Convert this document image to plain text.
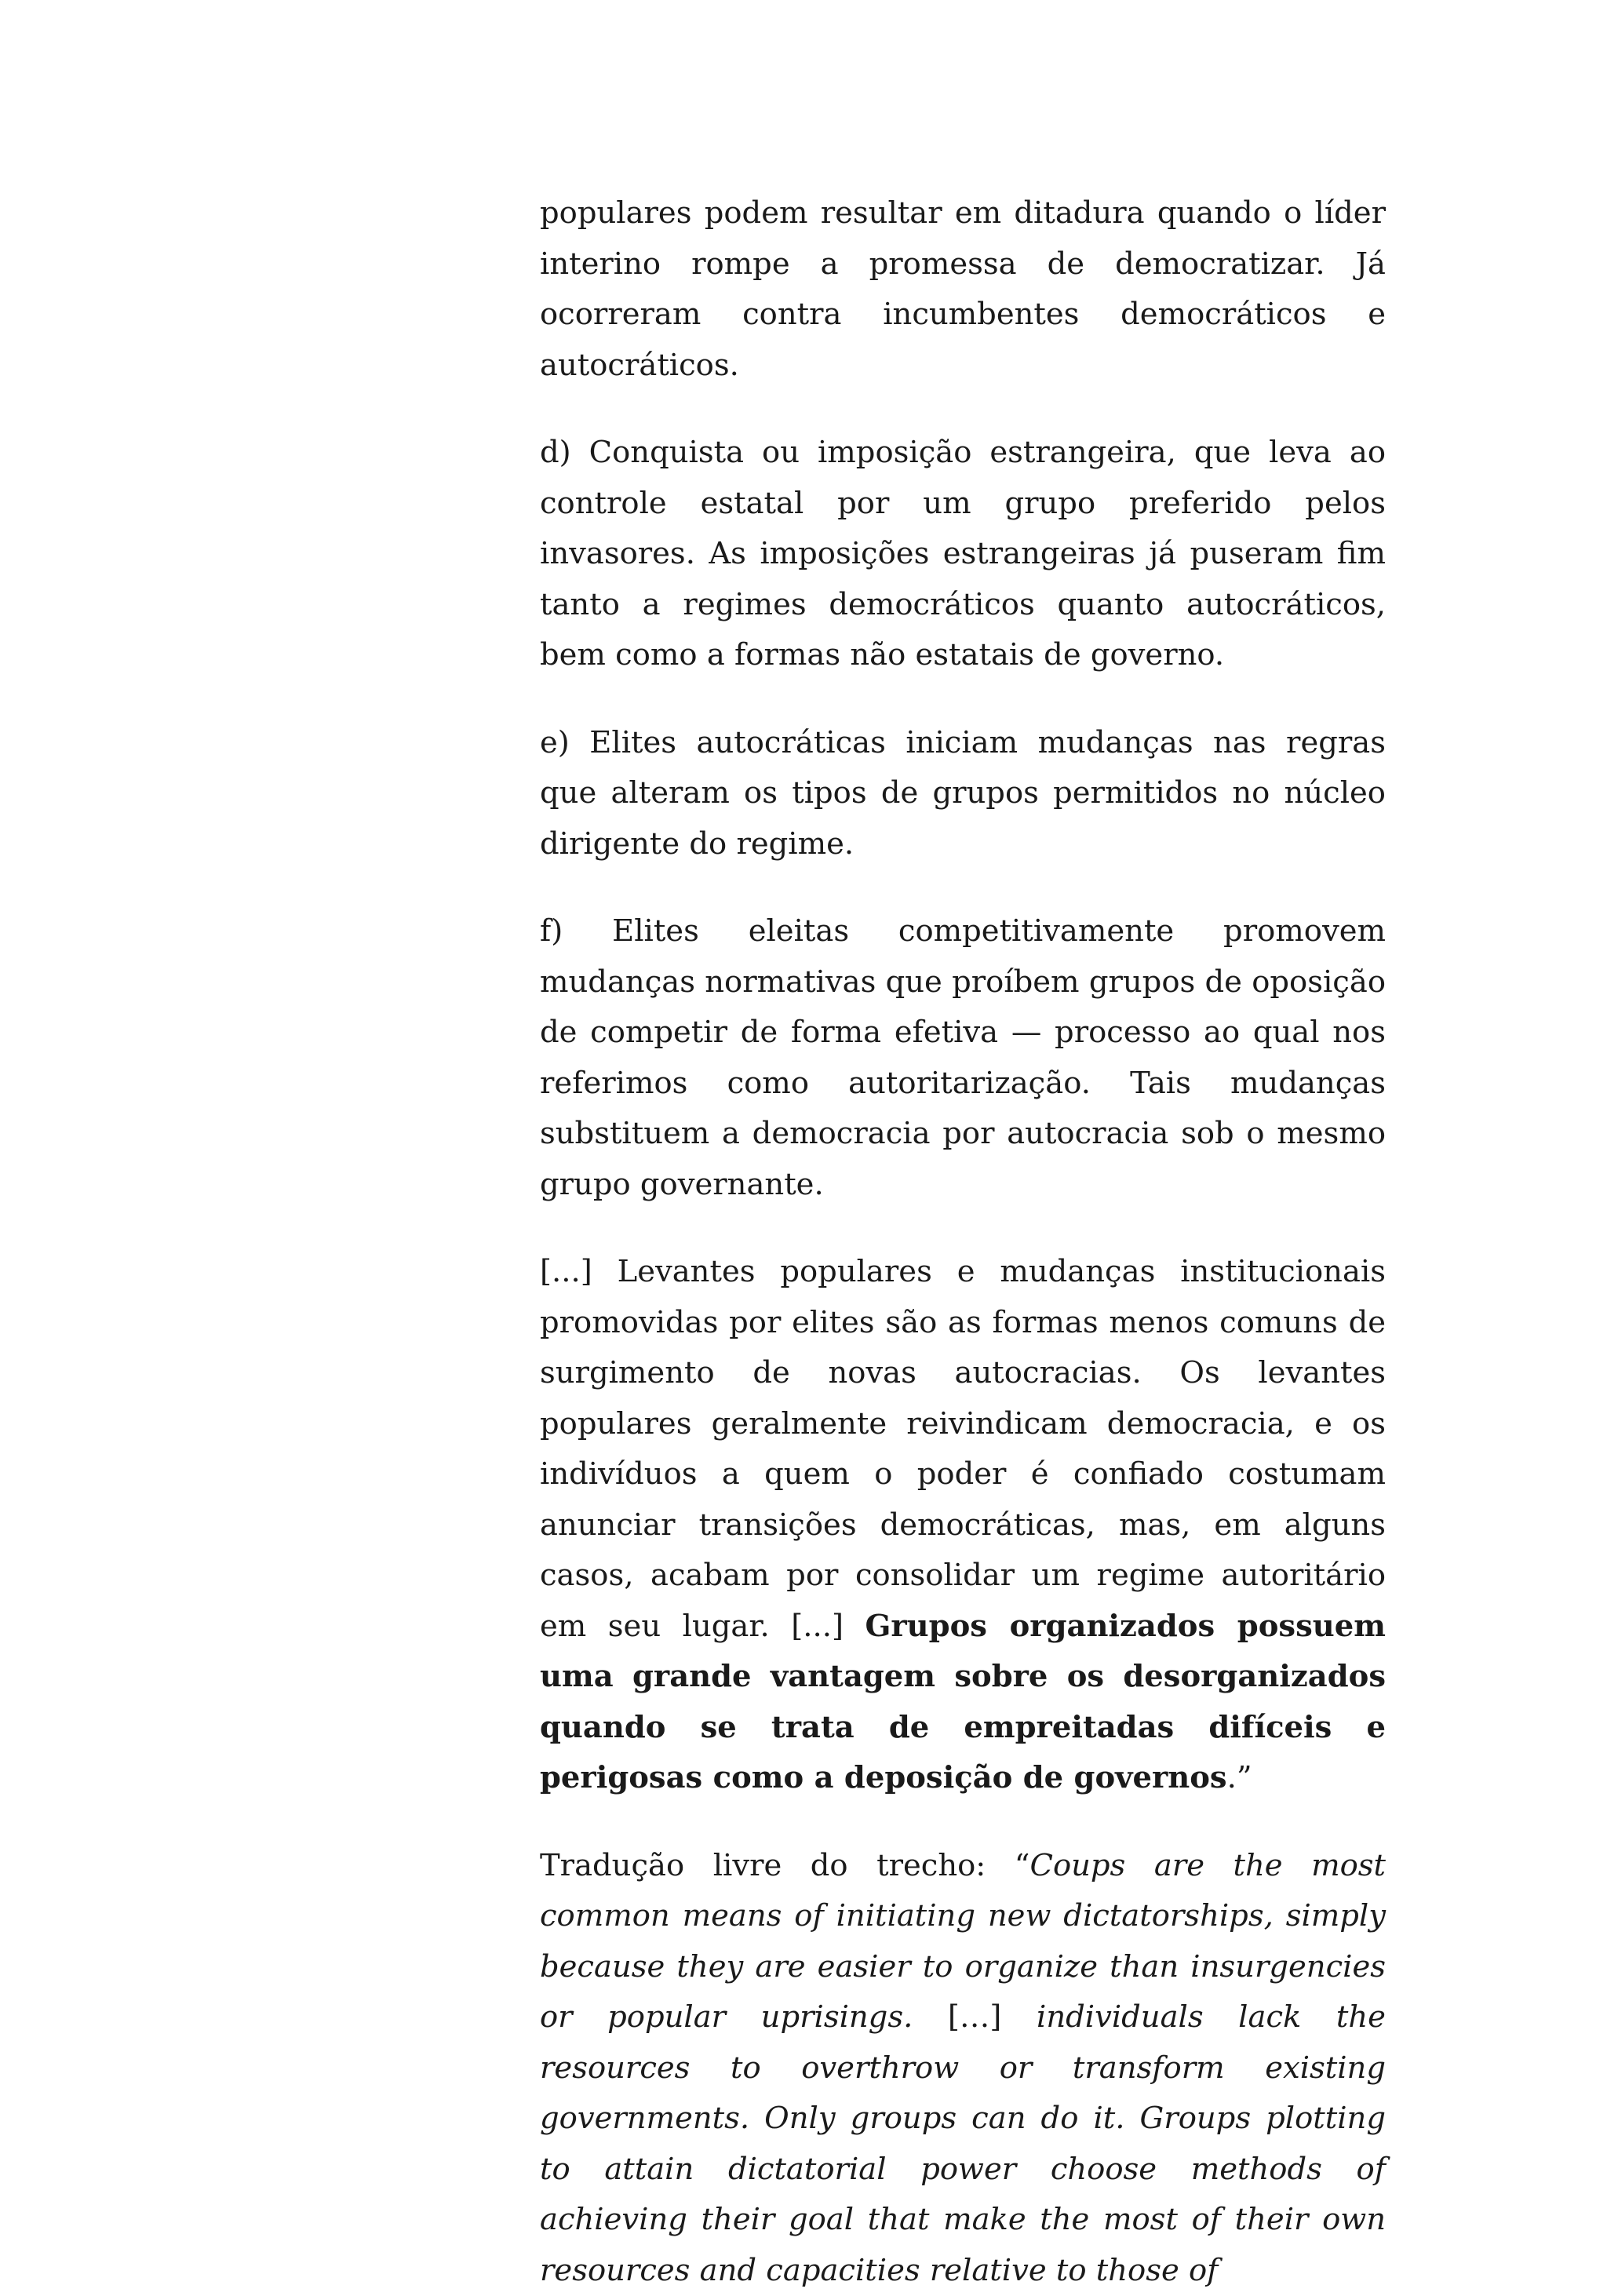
populares podem resultar em ditadura quando o líder interino rompe a promessa de democratizar. Já ocorreram contra incumbentes democráticos e autocráticos.

d) Conquista ou imposição estrangeira, que leva ao controle estatal por um grupo preferido pelos invasores. As imposições estrangeiras já puseram fim tanto a regimes democráticos quanto autocráticos, bem como a formas não estatais de governo.

e) Elites autocráticas iniciam mudanças nas regras que alteram os tipos de grupos permitidos no núcleo dirigente do regime.

f) Elites eleitas competitivamente promovem mudanças normativas que proíbem grupos de oposição de competir de forma efetiva — processo ao qual nos referimos como autoritarização. Tais mudanças substituem a democracia por autocracia sob o mesmo grupo governante.

[...] Levantes populares e mudanças institucionais promovidas por elites são as formas menos comuns de surgimento de novas autocracias. Os levantes populares geralmente reivindicam democracia, e os indivíduos a quem o poder é confiado costumam anunciar transições democráticas, mas, em alguns casos, acabam por consolidar um regime autoritário em seu lugar. [...] Grupos organizados possuem uma grande vantagem sobre os desorganizados quando se trata de empreitadas difíceis e perigosas como a deposição de governos.”

Tradução livre do trecho: “Coups are the most common means of initiating new dictatorships, simply because they are easier to organize than insurgencies or popular uprisings. […] individuals lack the resources to overthrow or transform existing governments. Only groups can do it. Groups plotting to attain dictatorial power choose methods of achieving their goal that make the most of their own resources and capacities relative to those of
